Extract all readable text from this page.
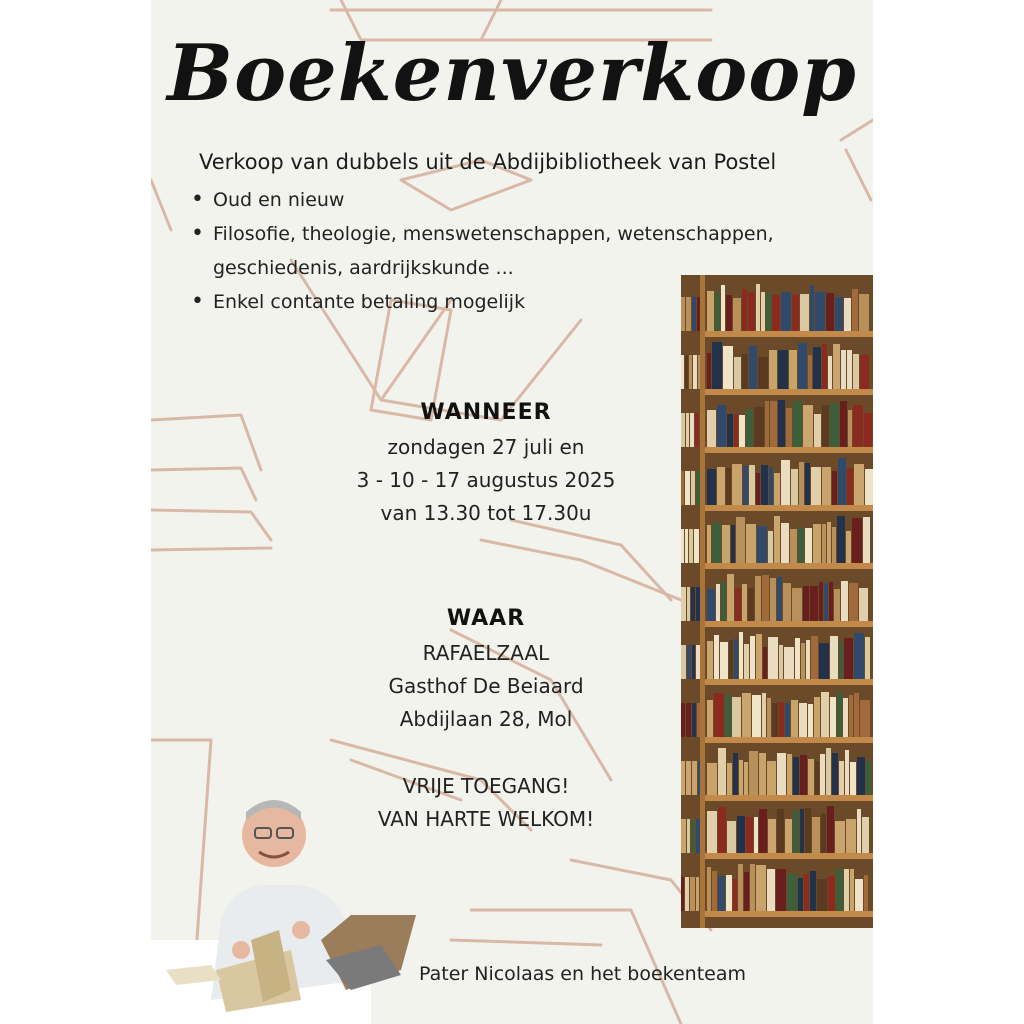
Boekenverkoop

Verkoop van dubbels uit de Abdijbibliotheek van Postel

• Oud en nieuw
• Filosofie, theologie, menswetenschappen, wetenschappen,
geschiedenis, aardrijkskunde ...
• Enkel contante betaling mogelijk

WANNEER

zondagen 27 juli en

3 - 10 - 17 augustus 2025

van 13.30 tot 17.30u

WAAR

RAFAELZAAL

Gasthof De Beiaard

Abdijlaan 28, Mol

VRIJE TOEGANG!

VAN HARTE WELKOM!

Pater Nicolaas en het boekenteam
